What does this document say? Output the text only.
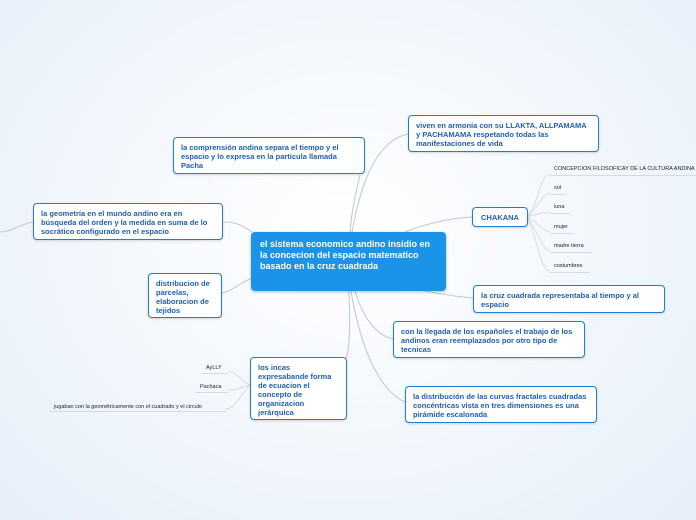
el sistema economico andino insidio en la concecion del espacio matematico basado en la cruz cuadrada
la comprensión andina separa el tiempo y el espacio y lo expresa en la partícula llamada Pacha
viven en armonía con su LLAKTA, ALLPAMAMA y PACHAMAMA respetando todas las manifestaciones de vida
la geometría en el mundo andino era en búsqueda del orden y la medida en suma de lo socrático configurado en el espacio
CHAKANA
distribucion de parcelas, elaboracion de tejidos
la cruz cuadrada representaba al tiempo y al espacio
con la llegada de los españoles el trabajo de los andinos eran reemplazados por otro tipo de tecnicas
los incas expresabande forma de ecuacion el concepto de organizacion jerárquica
la distribución de las curvas fractales cuadradas concéntricas vista en tres dimensiones es una pirámide escalonada
CONCEPCION FILOSOFICAY DE LA CULTURA ANDINA
sol
luna
mujer
madre tierra
costumbres
AyLLY
Pachaca
jugaban con la geométricamente con el cuadrado y el circulo
